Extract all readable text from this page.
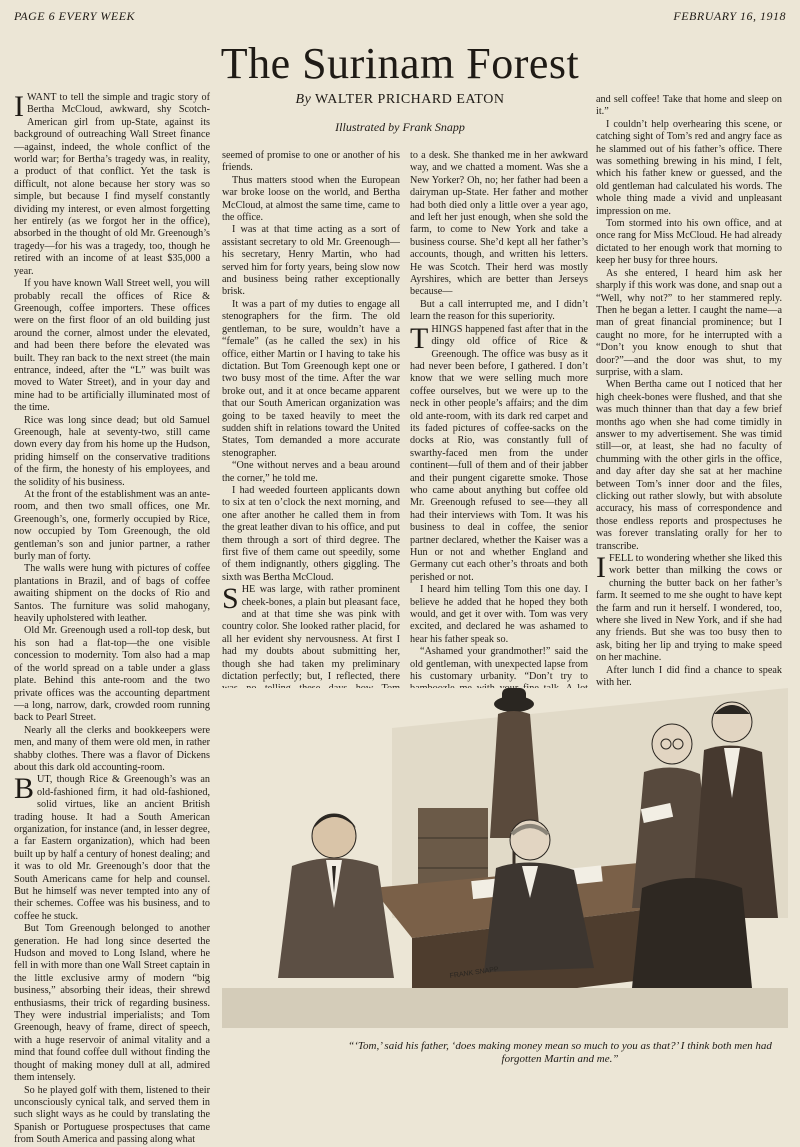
PAGE 6 EVERY WEEK	FEBRUARY 16, 1918
The Surinam Forest
By WALTER PRICHARD EATON
Illustrated by Frank Snapp

I WANT to tell the simple and tragic story of Bertha McCloud, awkward, shy Scotch-American girl from up-State, against its background of outreaching Wall Street finance—against, indeed, the whole conflict of the world war; for Bertha’s tragedy was, in reality, a product of that conflict. Yet the task is difficult, not alone because her story was so simple, but because I find myself constantly dividing my interest, or even almost forgetting her entirely (as we forgot her in the office), absorbed in the thought of old Mr. Greenough’s tragedy—for his was a tragedy, too, though he retired with an income of at least $35,000 a year.

If you have known Wall Street well, you will probably recall the offices of Rice & Greenough, coffee importers. These offices were on the first floor of an old building just around the corner, almost under the elevated, and had been there before the elevated was built. They ran back to the next street (the main entrance, indeed, after the “L” was built was moved to Water Street), and in your day and mine had to be artificially illuminated most of the time.

Rice was long since dead; but old Samuel Greenough, hale at seventy-two, still came down every day from his home up the Hudson, priding himself on the conservative traditions of the firm, the honesty of his employees, and the solidity of his business.

At the front of the establishment was an ante-room, and then two small offices, one Mr. Greenough’s, one, formerly occupied by Rice, now occupied by Tom Greenough, the old gentleman’s son and junior partner, a rather burly man of forty.

The walls were hung with pictures of coffee plantations in Brazil, and of bags of coffee awaiting shipment on the docks of Rio and Santos. The furniture was solid mahogany, heavily upholstered with leather.

Old Mr. Greenough used a roll-top desk, but his son had a flat-top—the one visible concession to modernity. Tom also had a map of the world spread on a table under a glass plate. Behind this ante-room and the two private offices was the accounting department—a long, narrow, dark, crowded room running back to Pearl Street.

Nearly all the clerks and bookkeepers were men, and many of them were old men, in rather shabby clothes. There was a flavor of Dickens about this dark old accounting-room.

BUT, though Rice & Greenough’s was an old-fashioned firm, it had old-fashioned, solid virtues, like an ancient British trading house. It had a South American organization, for instance (and, in lesser degree, a far Eastern organization), which had been built up by half a century of honest dealing; and it was to old Mr. Greenough’s door that the South Americans came for help and counsel. But he himself was never tempted into any of their schemes. Coffee was his business, and to coffee he stuck.

But Tom Greenough belonged to another generation. He had long since deserted the Hudson and moved to Long Island, where he fell in with more than one Wall Street captain in the little exclusive army of modern “big business,” absorbing their ideas, their shrewd enthusiasms, their trick of regarding business. They were industrial imperialists; and Tom Greenough, heavy of frame, direct of speech, with a huge reservoir of animal vitality and a mind that found coffee dull without finding the thought of making money dull at all, admired them intensely.

So he played golf with them, listened to their unconsciously cynical talk, and served them in such slight ways as he could by translating the Spanish or Portuguese prospectuses that came from South America and passing along what

seemed of promise to one or another of his friends.

Thus matters stood when the European war broke loose on the world, and Bertha McCloud, at almost the same time, came to the office.

I was at that time acting as a sort of assistant secretary to old Mr. Greenough—his secretary, Henry Martin, who had served him for forty years, being slow now and business being rather exceptionally brisk.

It was a part of my duties to engage all stenographers for the firm. The old gentleman, to be sure, wouldn’t have a “female” (as he called the sex) in his office, either Martin or I having to take his dictation. But Tom Greenough kept one or two busy most of the time. After the war broke out, and it at once became apparent that our South American organization was going to be taxed heavily to meet the sudden shift in relations toward the United States, Tom demanded a more accurate stenographer.

“One without nerves and a beau around the corner,” he told me.

I had weeded fourteen applicants down to six at ten o’clock the next morning, and one after another he called them in from the great leather divan to his office, and put them through a sort of third degree. The first five of them came out speedily, some of them indignantly, others giggling. The sixth was Bertha McCloud.

SHE was large, with rather prominent cheek-bones, a plain but pleasant face, and at that time she was pink with country color. She looked rather placid, for all her evident shy nervousness. At first I had my doubts about submitting her, though she had taken my preliminary dictation perfectly; but, I reflected, there

to a desk. She thanked me in her awkward way, and we chatted a moment. Was she a New Yorker? Oh, no; her father had been a dairyman up-State. Her father and mother had both died only a little over a year ago, and left her just enough, when she sold the farm, to come to New York and take a business course. She’d kept all her father’s accounts, though, and written his letters. He was Scotch. Their herd was mostly Ayrshires, which are better than Jerseys because—

But a call interrupted me, and I didn’t learn the reason for this superiority.

THINGS happened fast after that in the dingy old office of Rice & Greenough. The office was busy as it had never been before, I gathered. I don’t know that we were selling much more coffee ourselves, but we were up to the neck in other people’s affairs; and the dim old ante-room, with its dark red carpet and its faded pictures of coffee-sacks on the docks at Rio, was constantly full of swarthy-faced men from the under continent—full of them and of their jabber and their pungent cigarette smoke. Those who came about anything but coffee old Mr. Greenough refused to see—they all had their interviews with Tom. It was his business to deal in coffee, the senior partner declared, whether the Kaiser was a Hun or not and whether England and Germany cut each other’s throats and both perished or not.

I heard him telling Tom this one day. I believe he added that he hoped they both would, and get it over with. Tom was very excited, and declared he was ashamed to hear his father speak so.

“Ashamed your grandmother!” said the old gentleman, with unexpected lapse from his customary urbanity. “Don’t try to

and sell coffee! Take that home and sleep on it.”

I couldn’t help overhearing this scene, or catching sight of Tom’s red and angry face as he slammed out of his father’s office. There was something brewing in his mind, I felt, which his father knew or guessed, and the old gentleman had calculated his words. The whole thing made a vivid and unpleasant impression on me.

Tom stormed into his own office, and at once rang for Miss McCloud. He had already dictated to her enough work that morning to keep her busy for three hours.

As she entered, I heard him ask her sharply if this work was done, and snap out a “Well, why not?” to her stammered reply. Then he began a letter. I caught the name—a man of great financial prominence; but I caught no more, for he interrupted with a “Don’t you know enough to shut that door?”—and the door was shut, to my surprise, with a slam.

When Bertha came out I noticed that her high cheek-bones were flushed, and that she was much thinner than that day a few brief months ago when she had come timidly in answer to my advertisement. She was timid still—or, at least, she had no faculty of chumming with the other girls in the office, and day after day she sat at her machine between Tom’s inner door and the files, clicking out rather slowly, but with absolute accuracy, his mass of correspondence and those endless reports and prospectuses he was forever translating orally for her to transcribe.

I FELL to wondering whether she liked this work better than milking the cows or churning the butter back on her father’s farm. It seemed to me she ought to have kept the farm and run it herself. I wondered, too, where she lived in New York, and if she had any friends. But she was too busy then to ask, biting her lip and trying to make speed on her machine.

After lunch I did find a chance to speak with her.

FRANK SNAPP
“‘Tom,’ said his father, ‘does making money mean so much to you as that?’ I think both men had forgotten Martin and me.”
